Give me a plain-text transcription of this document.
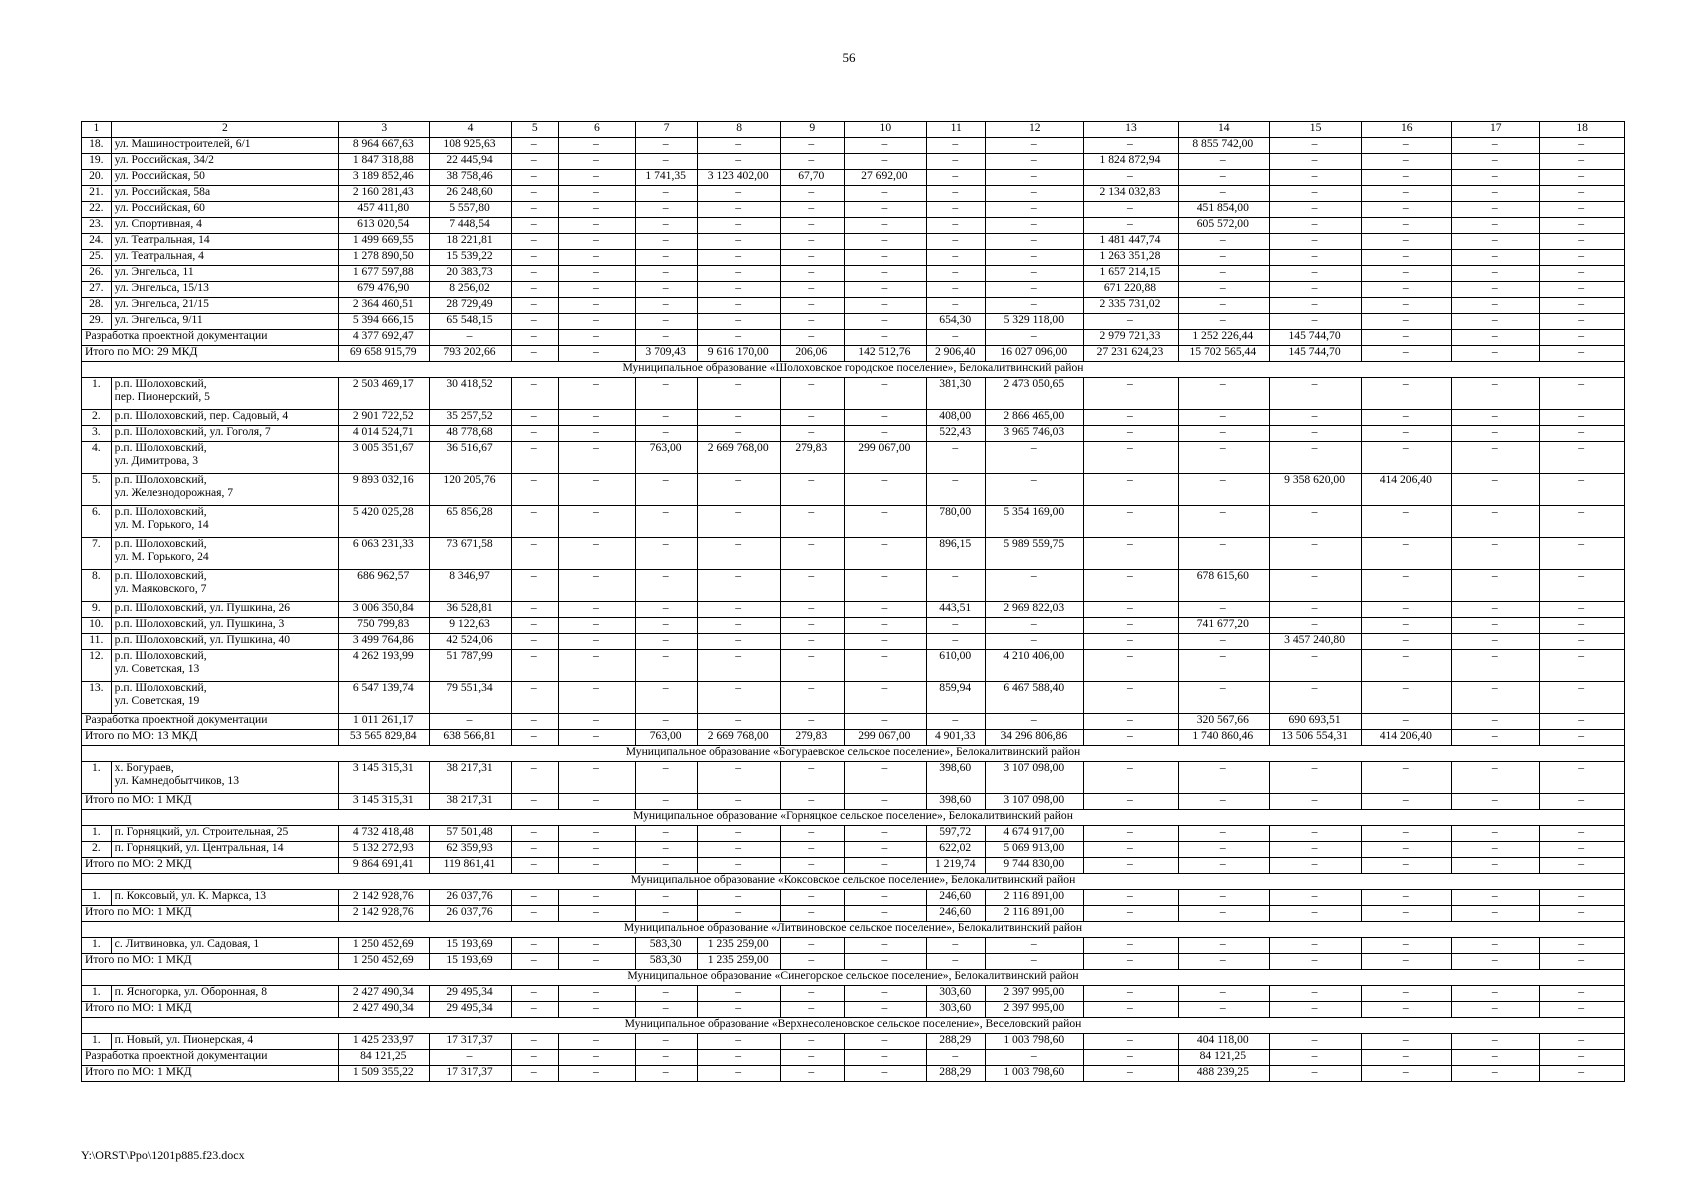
56
1	2	3	4	5	6	7	8	9	10	11	12	13	14	15	16	17	18
18.	ул. Машиностроителей, 6/1	8 964 667,63	108 925,63	–	–	–	–	–	–	–	–	–	8 855 742,00	–	–	–	–
19.	ул. Российская, 34/2	1 847 318,88	22 445,94	–	–	–	–	–	–	–	–	1 824 872,94	–	–	–	–	–
20.	ул. Российская, 50	3 189 852,46	38 758,46	–	–	1 741,35	3 123 402,00	67,70	27 692,00	–	–	–	–	–	–	–	–
21.	ул. Российская, 58а	2 160 281,43	26 248,60	–	–	–	–	–	–	–	–	2 134 032,83	–	–	–	–	–
22.	ул. Российская, 60	457 411,80	5 557,80	–	–	–	–	–	–	–	–	–	451 854,00	–	–	–	–
23.	ул. Спортивная, 4	613 020,54	7 448,54	–	–	–	–	–	–	–	–	–	605 572,00	–	–	–	–
24.	ул. Театральная, 14	1 499 669,55	18 221,81	–	–	–	–	–	–	–	–	1 481 447,74	–	–	–	–	–
25.	ул. Театральная, 4	1 278 890,50	15 539,22	–	–	–	–	–	–	–	–	1 263 351,28	–	–	–	–	–
26.	ул. Энгельса, 11	1 677 597,88	20 383,73	–	–	–	–	–	–	–	–	1 657 214,15	–	–	–	–	–
27.	ул. Энгельса, 15/13	679 476,90	8 256,02	–	–	–	–	–	–	–	–	671 220,88	–	–	–	–	–
28.	ул. Энгельса, 21/15	2 364 460,51	28 729,49	–	–	–	–	–	–	–	–	2 335 731,02	–	–	–	–	–
29.	ул. Энгельса, 9/11	5 394 666,15	65 548,15	–	–	–	–	–	–	654,30	5 329 118,00	–	–	–	–	–	–
Разработка проектной документации		4 377 692,47	–	–	–	–	–	–	–	–	–	2 979 721,33	1 252 226,44	145 744,70	–	–	–
Итого по МО: 29 МКД		69 658 915,79	793 202,66	–	–	3 709,43	9 616 170,00	206,06	142 512,76	2 906,40	16 027 096,00	27 231 624,23	15 702 565,44	145 744,70	–	–	–
Муниципальное образование «Шолоховское городское поселение», Белокалитвинский район																	
1.	р.п. Шолоховский,
пер. Пионерский, 5	2 503 469,17	30 418,52	–	–	–	–	–	–	381,30	2 473 050,65	–	–	–	–	–	–
2.	р.п. Шолоховский, пер. Садовый, 4	2 901 722,52	35 257,52	–	–	–	–	–	–	408,00	2 866 465,00	–	–	–	–	–	–
3.	р.п. Шолоховский, ул. Гоголя, 7	4 014 524,71	48 778,68	–	–	–	–	–	–	522,43	3 965 746,03	–	–	–	–	–	–
4.	р.п. Шолоховский,
ул. Димитрова, 3	3 005 351,67	36 516,67	–	–	763,00	2 669 768,00	279,83	299 067,00	–	–	–	–	–	–	–	–
5.	р.п. Шолоховский,
ул. Железнодорожная, 7	9 893 032,16	120 205,76	–	–	–	–	–	–	–	–	–	–	9 358 620,00	414 206,40	–	–
6.	р.п. Шолоховский,
ул. М. Горького, 14	5 420 025,28	65 856,28	–	–	–	–	–	–	780,00	5 354 169,00	–	–	–	–	–	–
7.	р.п. Шолоховский,
ул. М. Горького, 24	6 063 231,33	73 671,58	–	–	–	–	–	–	896,15	5 989 559,75	–	–	–	–	–	–
8.	р.п. Шолоховский,
ул. Маяковского, 7	686 962,57	8 346,97	–	–	–	–	–	–	–	–	–	678 615,60	–	–	–	–
9.	р.п. Шолоховский, ул. Пушкина, 26	3 006 350,84	36 528,81	–	–	–	–	–	–	443,51	2 969 822,03	–	–	–	–	–	–
10.	р.п. Шолоховский, ул. Пушкина, 3	750 799,83	9 122,63	–	–	–	–	–	–	–	–	–	741 677,20	–	–	–	–
11.	р.п. Шолоховский, ул. Пушкина, 40	3 499 764,86	42 524,06	–	–	–	–	–	–	–	–	–	–	3 457 240,80	–	–	–
12.	р.п. Шолоховский,
ул. Советская, 13	4 262 193,99	51 787,99	–	–	–	–	–	–	610,00	4 210 406,00	–	–	–	–	–	–
13.	р.п. Шолоховский,
ул. Советская, 19	6 547 139,74	79 551,34	–	–	–	–	–	–	859,94	6 467 588,40	–	–	–	–	–	–
Разработка проектной документации		1 011 261,17	–	–	–	–	–	–	–	–	–	–	320 567,66	690 693,51	–	–	–
Итого по МО: 13 МКД		53 565 829,84	638 566,81	–	–	763,00	2 669 768,00	279,83	299 067,00	4 901,33	34 296 806,86	–	1 740 860,46	13 506 554,31	414 206,40	–	–
Муниципальное образование «Богураевское сельское поселение», Белокалитвинский район																	
1.	х. Богураев,
ул. Камнедобытчиков, 13	3 145 315,31	38 217,31	–	–	–	–	–	–	398,60	3 107 098,00	–	–	–	–	–	–
Итого по МО: 1 МКД		3 145 315,31	38 217,31	–	–	–	–	–	–	398,60	3 107 098,00	–	–	–	–	–	–
Муниципальное образование «Горняцкое сельское поселение», Белокалитвинский район																	
1.	п. Горняцкий, ул. Строительная, 25	4 732 418,48	57 501,48	–	–	–	–	–	–	597,72	4 674 917,00	–	–	–	–	–	–
2.	п. Горняцкий, ул. Центральная, 14	5 132 272,93	62 359,93	–	–	–	–	–	–	622,02	5 069 913,00	–	–	–	–	–	–
Итого по МО: 2 МКД		9 864 691,41	119 861,41	–	–	–	–	–	–	1 219,74	9 744 830,00	–	–	–	–	–	–
Муниципальное образование «Коксовское сельское поселение», Белокалитвинский район																	
1.	п. Коксовый, ул. К. Маркса, 13	2 142 928,76	26 037,76	–	–	–	–	–	–	246,60	2 116 891,00	–	–	–	–	–	–
Итого по МО: 1 МКД		2 142 928,76	26 037,76	–	–	–	–	–	–	246,60	2 116 891,00	–	–	–	–	–	–
Муниципальное образование «Литвиновское сельское поселение», Белокалитвинский район																	
1.	с. Литвиновка, ул. Садовая, 1	1 250 452,69	15 193,69	–	–	583,30	1 235 259,00	–	–	–	–	–	–	–	–	–	–
Итого по МО: 1 МКД		1 250 452,69	15 193,69	–	–	583,30	1 235 259,00	–	–	–	–	–	–	–	–	–	–
Муниципальное образование «Синегорское сельское поселение», Белокалитвинский район																	
1.	п. Ясногорка, ул. Оборонная, 8	2 427 490,34	29 495,34	–	–	–	–	–	–	303,60	2 397 995,00	–	–	–	–	–	–
Итого по МО: 1 МКД		2 427 490,34	29 495,34	–	–	–	–	–	–	303,60	2 397 995,00	–	–	–	–	–	–
Муниципальное образование «Верхнесоленовское сельское поселение», Веселовский район																	
1.	п. Новый, ул. Пионерская, 4	1 425 233,97	17 317,37	–	–	–	–	–	–	288,29	1 003 798,60	–	404 118,00	–	–	–	–
Разработка проектной документации		84 121,25	–	–	–	–	–	–	–	–	–	–	84 121,25	–	–	–	–
Итого по МО: 1 МКД		1 509 355,22	17 317,37	–	–	–	–	–	–	288,29	1 003 798,60	–	488 239,25	–	–	–	–
Y:\ORST\Ppo\1201p885.f23.docx
